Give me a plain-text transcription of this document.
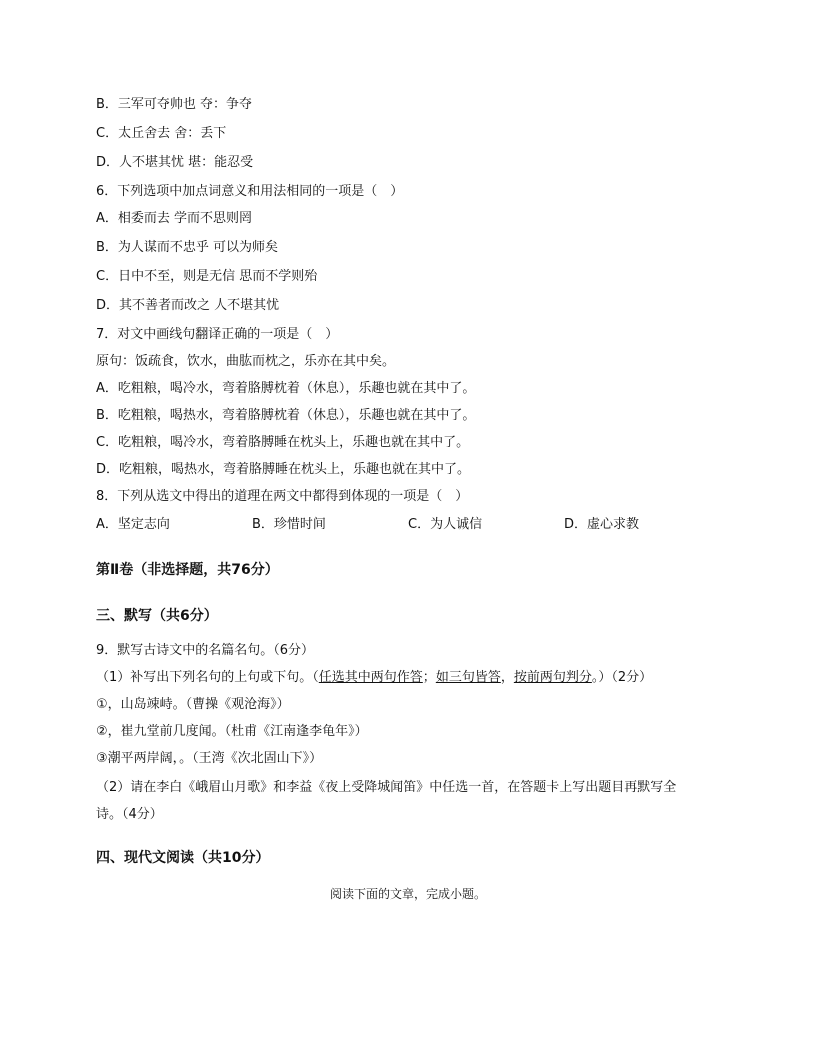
B．三军可夺帅也 夺：争夺
C．太丘舍去 舍：丢下
D．人不堪其忧 堪：能忍受
6．下列选项中加点词意义和用法相同的一项是（　）
A．相委而去 学而不思则罔
B．为人谋而不忠乎 可以为师矣
C．日中不至，则是无信 思而不学则殆
D．其不善者而改之 人不堪其忧
7．对文中画线句翻译正确的一项是（　）
原句：饭疏食，饮水，曲肱而枕之，乐亦在其中矣。
A．吃粗粮，喝冷水，弯着胳膊枕着（休息），乐趣也就在其中了。
B．吃粗粮，喝热水，弯着胳膊枕着（休息），乐趣也就在其中了。
C．吃粗粮，喝冷水，弯着胳膊睡在枕头上，乐趣也就在其中了。
D．吃粗粮，喝热水，弯着胳膊睡在枕头上，乐趣也就在其中了。
8．下列从选文中得出的道理在两文中都得到体现的一项是（　）
A．坚定志向	B．珍惜时间	C．为人诚信	D．虚心求教
第Ⅱ卷（非选择题，共76分）
三、默写（共6分）
9．默写古诗文中的名篇名句。（6分）
（1）补写出下列名句的上句或下句。（任选其中两句作答；如三句皆答，按前两句判分。）（2分）
①，山岛竦峙。（曹操《观沧海》）
②，崔九堂前几度闻。（杜甫《江南逢李龟年》）
③潮平两岸阔，。（王湾《次北固山下》）
（2）请在李白《峨眉山月歌》和李益《夜上受降城闻笛》中任选一首，在答题卡上写出题目再默写全
诗。（4分）
四、现代文阅读（共10分）
阅读下面的文章，完成小题。
